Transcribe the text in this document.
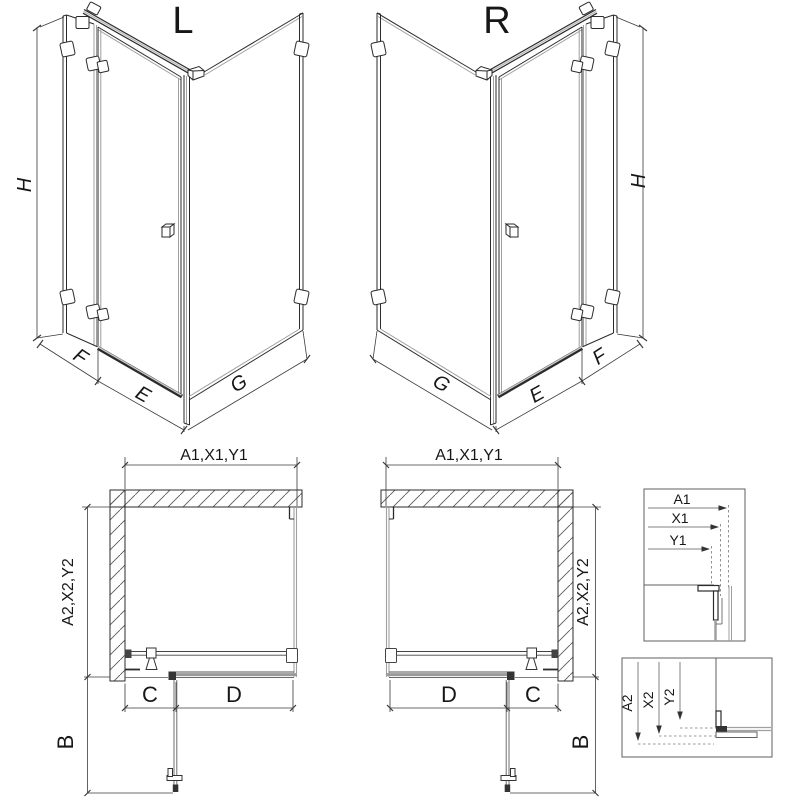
L
H
F
E	G
R
H
F
E
G
A1,X1,Y1
A2,X2,Y2
C	D
B
A1,X1,Y1
A2,X2,Y2
D	C
B
A1
X1
Y1
A2 X2 Y2
